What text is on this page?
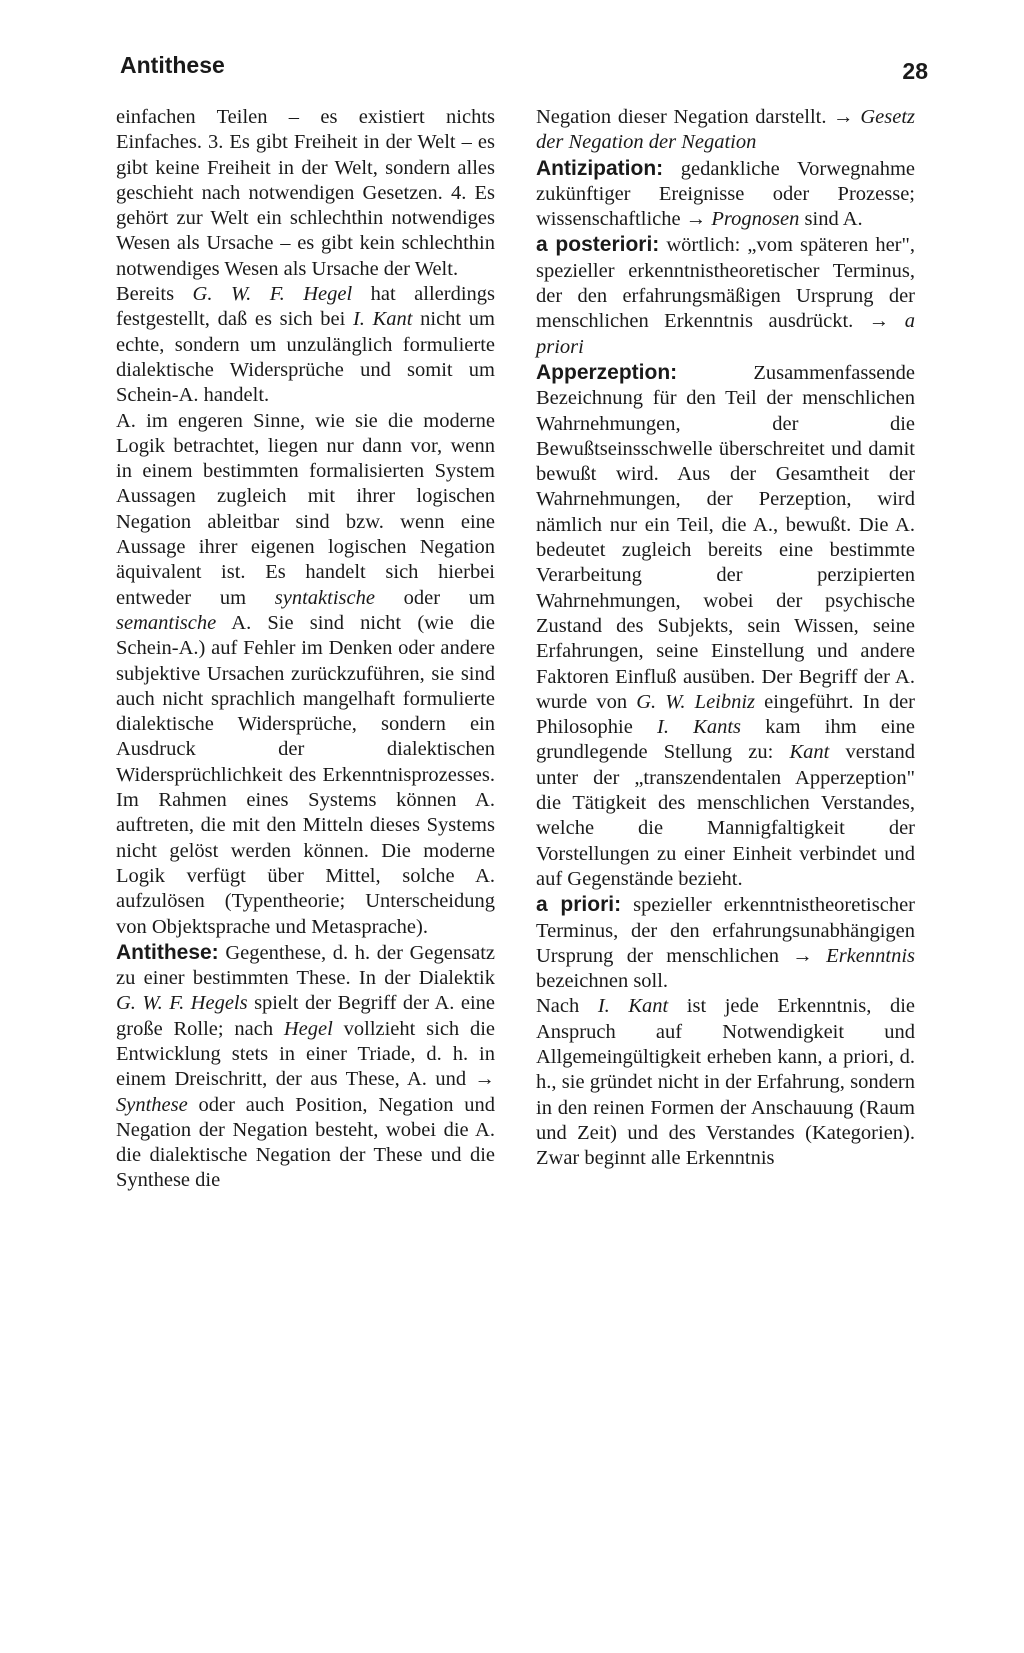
Antithese	28

einfachen Teilen – es existiert nichts Einfaches. 3. Es gibt Freiheit in der Welt – es gibt keine Freiheit in der Welt, sondern alles geschieht nach notwendigen Gesetzen. 4. Es gehört zur Welt ein schlechthin notwendiges Wesen als Ursache – es gibt kein schlechthin notwendiges Wesen als Ursache der Welt.

Bereits G. W. F. Hegel hat allerdings festgestellt, daß es sich bei I. Kant nicht um echte, sondern um unzulänglich formulierte dialektische Widersprüche und somit um Schein-A. handelt.

A. im engeren Sinne, wie sie die moderne Logik betrachtet, liegen nur dann vor, wenn in einem bestimmten formalisierten System Aussagen zugleich mit ihrer logischen Negation ableitbar sind bzw. wenn eine Aussage ihrer eigenen logischen Negation äquivalent ist. Es handelt sich hierbei entweder um syntaktische oder um semantische A. Sie sind nicht (wie die Schein-A.) auf Fehler im Denken oder andere subjektive Ursachen zurückzuführen, sie sind auch nicht sprachlich mangelhaft formulierte dialektische Widersprüche, sondern ein Ausdruck der dialektischen Widersprüchlichkeit des Erkenntnisprozesses. Im Rahmen eines Systems können A. auftreten, die mit den Mitteln dieses Systems nicht gelöst werden können. Die moderne Logik verfügt über Mittel, solche A. aufzulösen (Typentheorie; Unterscheidung von Objektsprache und Metasprache).

Antithese: Gegenthese, d. h. der Gegensatz zu einer bestimmten These. In der Dialektik G. W. F. Hegels spielt der Begriff der A. eine große Rolle; nach Hegel vollzieht sich die Entwicklung stets in einer Triade, d. h. in einem Dreischritt, der aus These, A. und → Synthese oder auch Position, Negation und Negation der Negation besteht, wobei die A. die dialektische Negation der These und die Synthese die

Negation dieser Negation darstellt. → Gesetz der Negation der Negation

Antizipation: gedankliche Vorwegnahme zukünftiger Ereignisse oder Prozesse; wissenschaftliche → Prognosen sind A.

a posteriori: wörtlich: „vom späteren her", spezieller erkenntnistheoretischer Terminus, der den erfahrungsmäßigen Ursprung der menschlichen Erkenntnis ausdrückt. → a priori

Apperzeption: Zusammenfassende Bezeichnung für den Teil der menschlichen Wahrnehmungen, der die Bewußtseinsschwelle überschreitet und damit bewußt wird. Aus der Gesamtheit der Wahrnehmungen, der Perzeption, wird nämlich nur ein Teil, die A., bewußt. Die A. bedeutet zugleich bereits eine bestimmte Verarbeitung der perzipierten Wahrnehmungen, wobei der psychische Zustand des Subjekts, sein Wissen, seine Erfahrungen, seine Einstellung und andere Faktoren Einfluß ausüben. Der Begriff der A. wurde von G. W. Leibniz eingeführt. In der Philosophie I. Kants kam ihm eine grundlegende Stellung zu: Kant verstand unter der „transzendentalen Apperzeption" die Tätigkeit des menschlichen Verstandes, welche die Mannigfaltigkeit der Vorstellungen zu einer Einheit verbindet und auf Gegenstände bezieht.

a priori: spezieller erkenntnistheoretischer Terminus, der den erfahrungsunabhängigen Ursprung der menschlichen → Erkenntnis bezeichnen soll.

Nach I. Kant ist jede Erkenntnis, die Anspruch auf Notwendigkeit und Allgemeingültigkeit erheben kann, a priori, d. h., sie gründet nicht in der Erfahrung, sondern in den reinen Formen der Anschauung (Raum und Zeit) und des Verstandes (Kategorien). Zwar beginnt alle Erkenntnis
